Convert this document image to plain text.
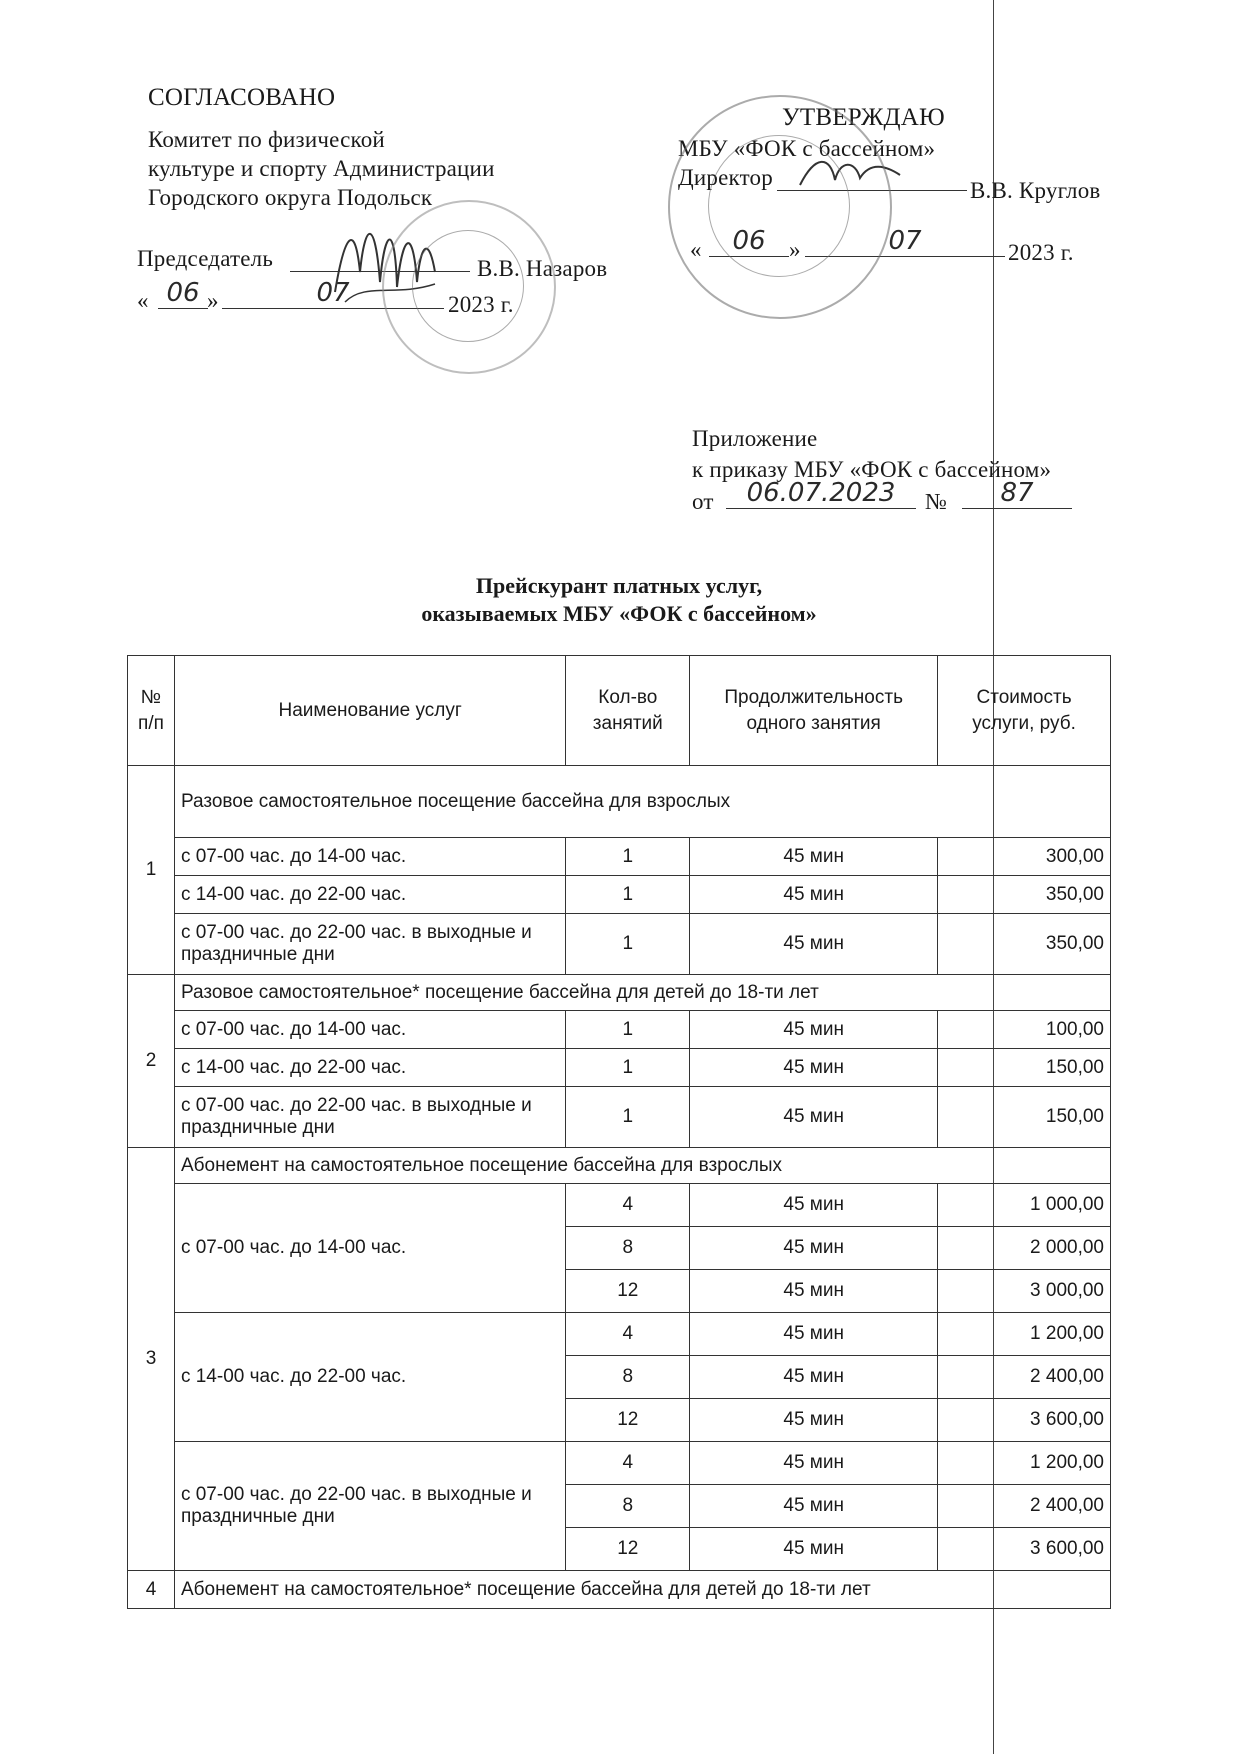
СОГЛАСОВАНО
Комитет по физической
культуре и спорту Администрации
Городского округа Подольск
Председатель	В.В. Назаров
« 06 »	07	2023 г.
УТВЕРЖДАЮ
МБУ «ФОК с бассейном»
Директор
В.В. Круглов
«	06	»	07	2023 г.
Приложение
к приказу МБУ «ФОК с бассейном»
от	06.07.2023	№	87
Прейскурант платных услуг,
оказываемых МБУ «ФОК с бассейном»
№ п/п	Наименование услуг	Кол-во занятий	Продолжительность одного занятия	Стоимость услуги, руб.
1	Разовое самостоятельное посещение бассейна для взрослых			
	с 07-00 час. до 14-00 час.	1	45 мин	300,00
	с 14-00 час. до 22-00 час.	1	45 мин	350,00
	с 07-00 час. до 22-00 час. в выходные и праздничные дни	1	45 мин	350,00
2	Разовое самостоятельное* посещение бассейна для детей до 18-ти лет			
	с 07-00 час. до 14-00 час.	1	45 мин	100,00
	с 14-00 час. до 22-00 час.	1	45 мин	150,00
	с 07-00 час. до 22-00 час. в выходные и праздничные дни	1	45 мин	150,00
3	Абонемент на самостоятельное посещение бассейна для взрослых			
	с 07-00 час. до 14-00 час.	4	45 мин	1 000,00
		8	45 мин	2 000,00
		12	45 мин	3 000,00
	с 14-00 час. до 22-00 час.	4	45 мин	1 200,00
		8	45 мин	2 400,00
		12	45 мин	3 600,00
	с 07-00 час. до 22-00 час. в выходные и праздничные дни	4	45 мин	1 200,00
		8	45 мин	2 400,00
		12	45 мин	3 600,00
4	Абонемент на самостоятельное* посещение бассейна для детей до 18-ти лет			
